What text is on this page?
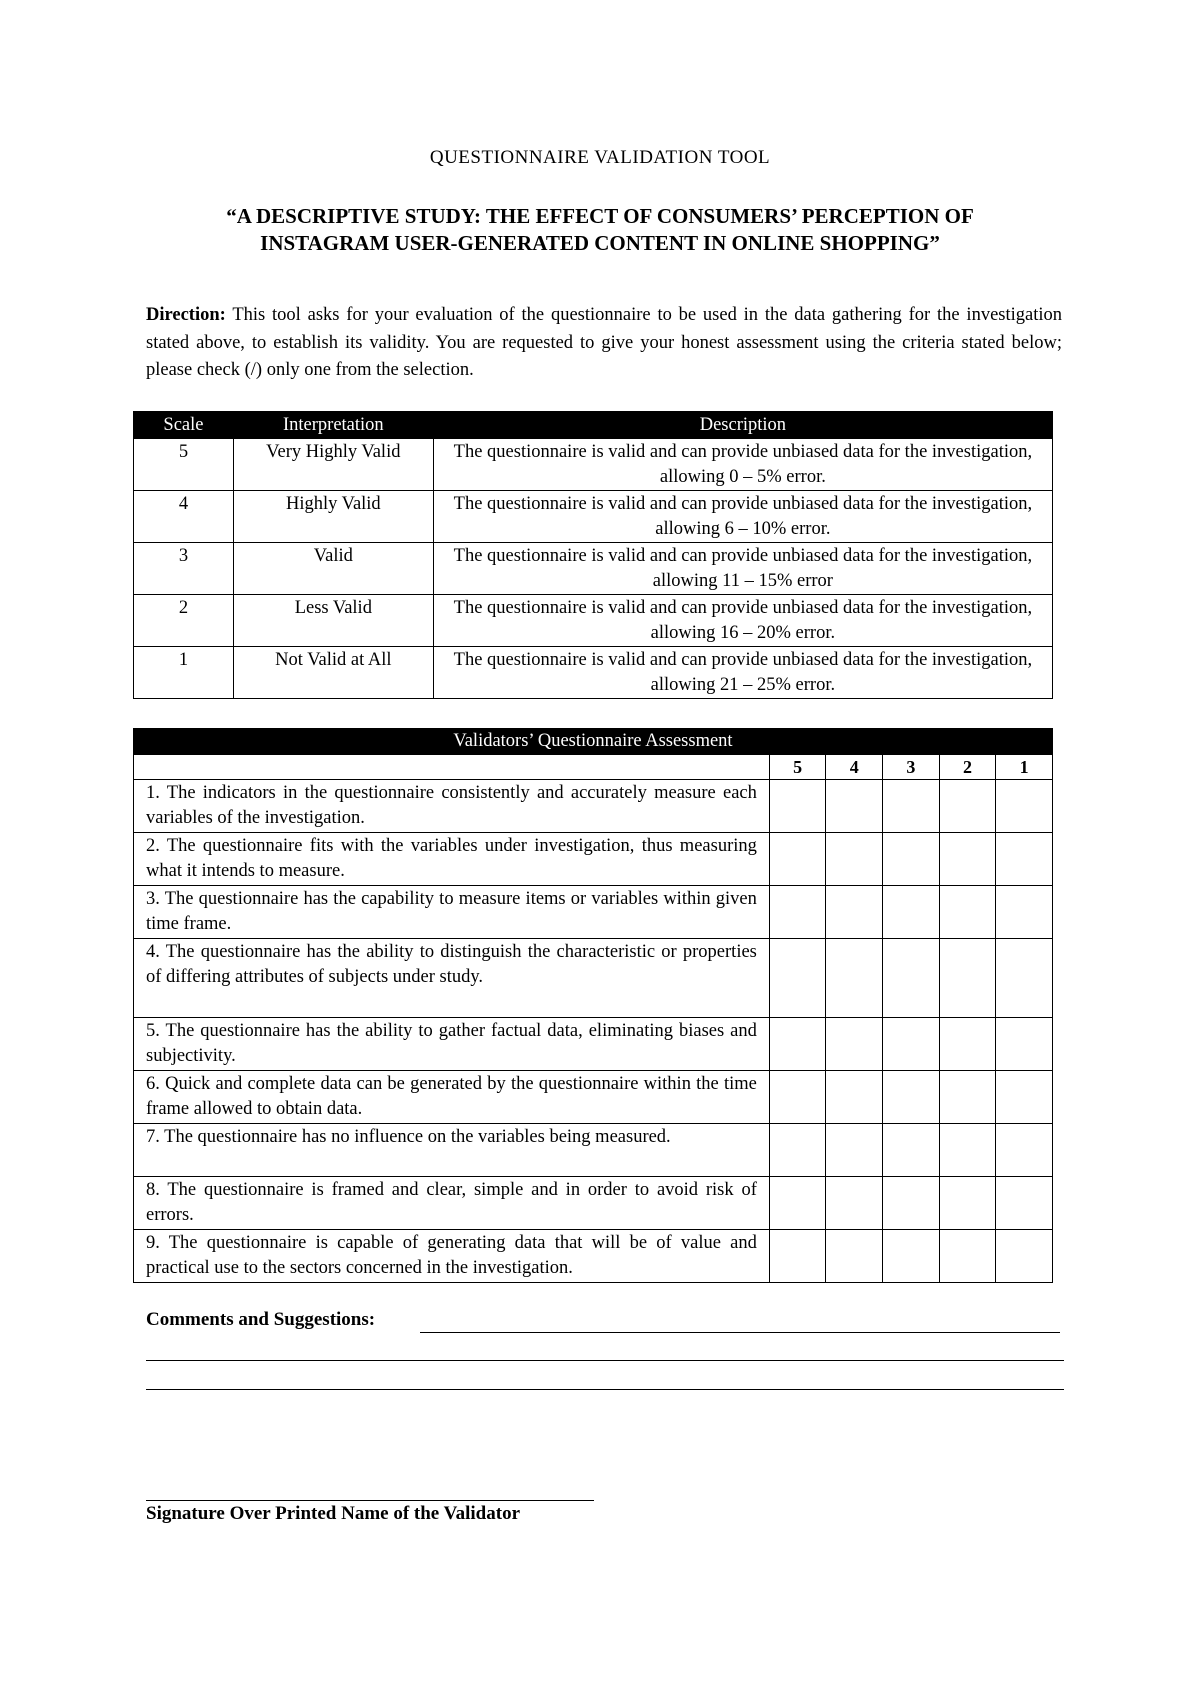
QUESTIONNAIRE VALIDATION TOOL
“A DESCRIPTIVE STUDY: THE EFFECT OF CONSUMERS’ PERCEPTION OF
INSTAGRAM USER-GENERATED CONTENT IN ONLINE SHOPPING”
Direction: This tool asks for your evaluation of the questionnaire to be used in the data gathering for the investigation stated above, to establish its validity. You are requested to give your honest assessment using the criteria stated below; please check (/) only one from the selection.
Scale	Interpretation	Description
5	Very Highly Valid	The questionnaire is valid and can provide unbiased data for the investigation, allowing 0 – 5% error.
4	Highly Valid	The questionnaire is valid and can provide unbiased data for the investigation, allowing 6 – 10% error.
3	Valid	The questionnaire is valid and can provide unbiased data for the investigation, allowing 11 – 15% error
2	Less Valid	The questionnaire is valid and can provide unbiased data for the investigation, allowing 16 – 20% error.
1	Not Valid at All	The questionnaire is valid and can provide unbiased data for the investigation, allowing 21 – 25% error.
Validators’ Questionnaire Assessment					
	5	4	3	2	1
1. The indicators in the questionnaire consistently and accurately measure each variables of the investigation.					
2. The questionnaire fits with the variables under investigation, thus measuring what it intends to measure.					
3. The questionnaire has the capability to measure items or variables within given time frame.					
4. The questionnaire has the ability to distinguish the characteristic or properties of differing attributes of subjects under study.					
5. The questionnaire has the ability to gather factual data, eliminating biases and subjectivity.					
6. Quick and complete data can be generated by the questionnaire within the time frame allowed to obtain data.					
7. The questionnaire has no influence on the variables being measured.					
8. The questionnaire is framed and clear, simple and in order to avoid risk of errors.					
9. The questionnaire is capable of generating data that will be of value and practical use to the sectors concerned in the investigation.					
Comments and Suggestions:
Signature Over Printed Name of the Validator
